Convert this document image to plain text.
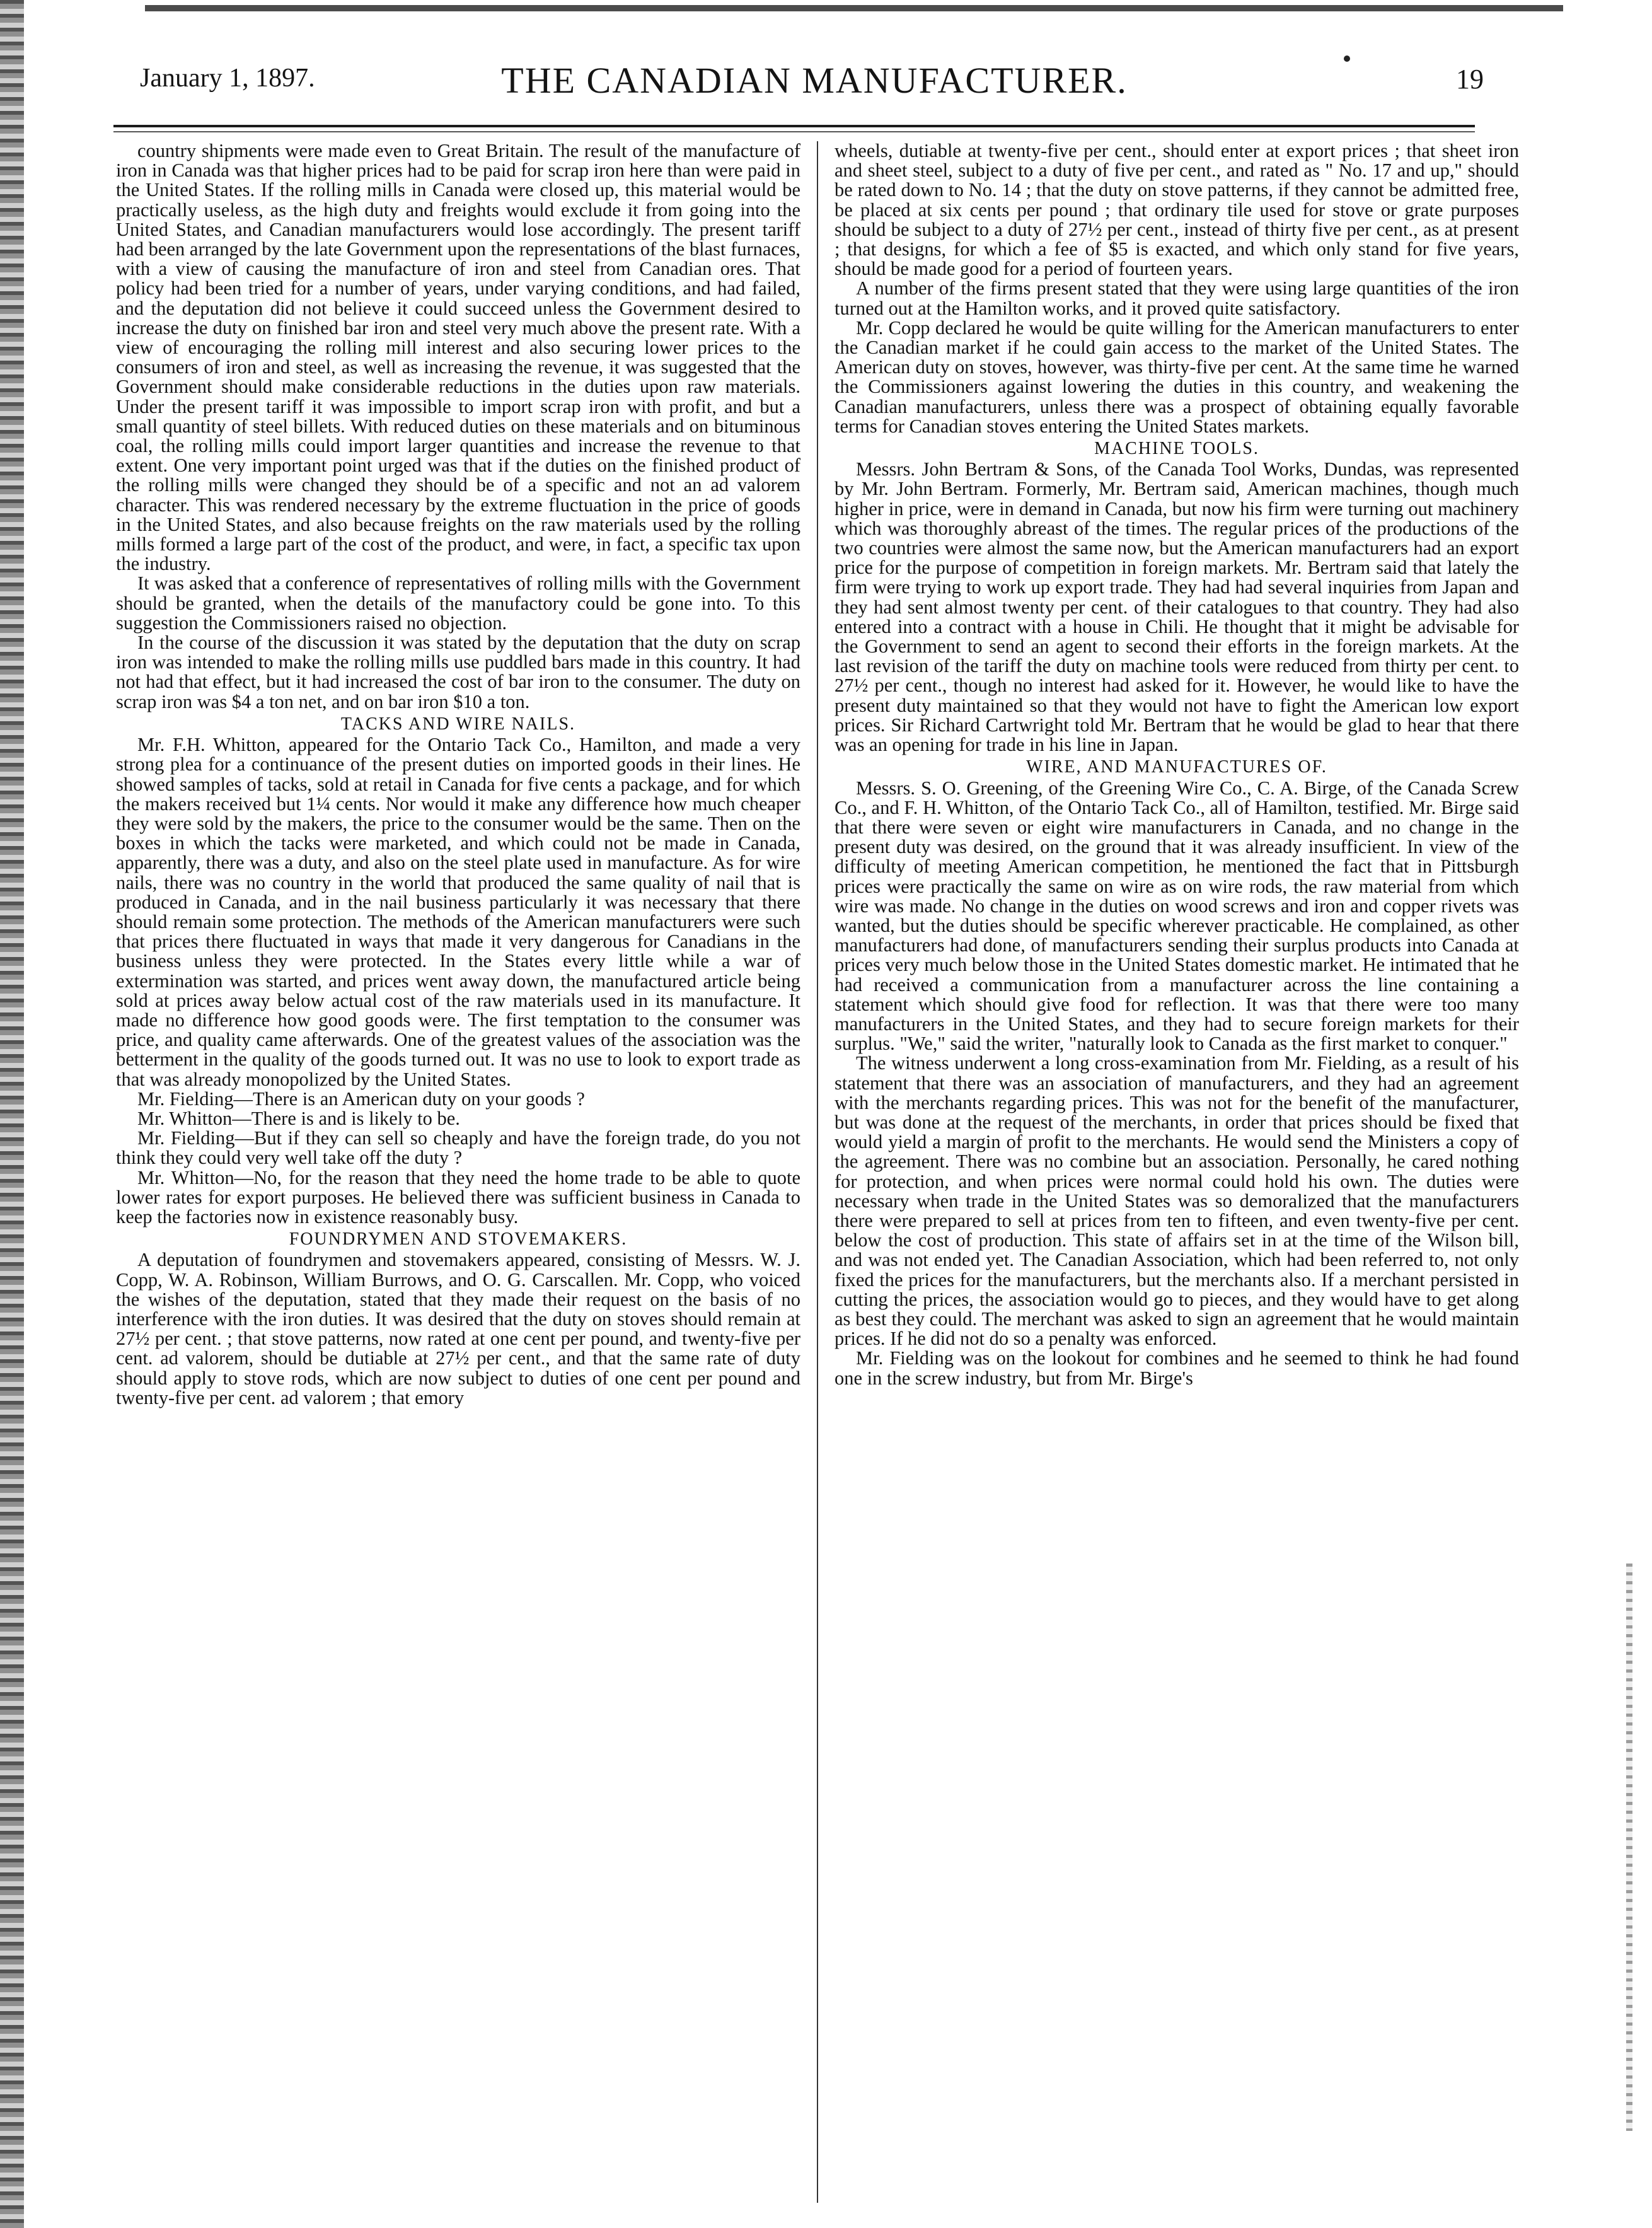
January 1, 1897.	THE CANADIAN MANUFACTURER.	19

country shipments were made even to Great Britain. The result of the manufacture of iron in Canada was that higher prices had to be paid for scrap iron here than were paid in the United States. If the rolling mills in Canada were closed up, this material would be practically useless, as the high duty and freights would exclude it from going into the United States, and Canadian manufacturers would lose accordingly. The present tariff had been arranged by the late Government upon the representations of the blast furnaces, with a view of causing the manufacture of iron and steel from Canadian ores. That policy had been tried for a number of years, under varying conditions, and had failed, and the deputation did not believe it could succeed unless the Government desired to increase the duty on finished bar iron and steel very much above the present rate. With a view of encouraging the rolling mill interest and also securing lower prices to the consumers of iron and steel, as well as increasing the revenue, it was suggested that the Government should make considerable reductions in the duties upon raw materials. Under the present tariff it was impossible to import scrap iron with profit, and but a small quantity of steel billets. With reduced duties on these materials and on bituminous coal, the rolling mills could import larger quantities and increase the revenue to that extent. One very important point urged was that if the duties on the finished product of the rolling mills were changed they should be of a specific and not an ad valorem character. This was rendered necessary by the extreme fluctuation in the price of goods in the United States, and also because freights on the raw materials used by the rolling mills formed a large part of the cost of the product, and were, in fact, a specific tax upon the industry.

It was asked that a conference of representatives of rolling mills with the Government should be granted, when the details of the manufactory could be gone into. To this suggestion the Commissioners raised no objection.

In the course of the discussion it was stated by the deputation that the duty on scrap iron was intended to make the rolling mills use puddled bars made in this country. It had not had that effect, but it had increased the cost of bar iron to the consumer. The duty on scrap iron was $4 a ton net, and on bar iron $10 a ton.

TACKS AND WIRE NAILS.

Mr. F.H. Whitton, appeared for the Ontario Tack Co., Hamilton, and made a very strong plea for a continuance of the present duties on imported goods in their lines. He showed samples of tacks, sold at retail in Canada for five cents a package, and for which the makers received but 1¼ cents. Nor would it make any difference how much cheaper they were sold by the makers, the price to the consumer would be the same. Then on the boxes in which the tacks were marketed, and which could not be made in Canada, apparently, there was a duty, and also on the steel plate used in manufacture. As for wire nails, there was no country in the world that produced the same quality of nail that is produced in Canada, and in the nail business particularly it was necessary that there should remain some protection. The methods of the American manufacturers were such that prices there fluctuated in ways that made it very dangerous for Canadians in the business unless they were protected. In the States every little while a war of extermination was started, and prices went away down, the manufactured article being sold at prices away below actual cost of the raw materials used in its manufacture. It made no difference how good goods were. The first temptation to the consumer was price, and quality came afterwards. One of the greatest values of the association was the betterment in the quality of the goods turned out. It was no use to look to export trade as that was already monopolized by the United States.

Mr. Fielding—There is an American duty on your goods ?

Mr. Whitton—There is and is likely to be.

Mr. Fielding—But if they can sell so cheaply and have the foreign trade, do you not think they could very well take off the duty ?

Mr. Whitton—No, for the reason that they need the home trade to be able to quote lower rates for export purposes. He believed there was sufficient business in Canada to keep the factories now in existence reasonably busy.

FOUNDRYMEN AND STOVEMAKERS.

A deputation of foundrymen and stovemakers appeared, consisting of Messrs. W. J. Copp, W. A. Robinson, William Burrows, and O. G. Carscallen. Mr. Copp, who voiced the wishes of the deputation, stated that they made their request on the basis of no interference with the iron duties. It was desired that the duty on stoves should remain at 27½ per cent. ; that stove patterns, now rated at one cent per pound, and twenty-five per cent. ad valorem, should be dutiable at 27½ per cent., and that the same rate of duty should apply to stove rods, which are now subject to duties of one cent per pound and twenty-five per cent. ad valorem ; that emory

wheels, dutiable at twenty-five per cent., should enter at export prices ; that sheet iron and sheet steel, subject to a duty of five per cent., and rated as " No. 17 and up," should be rated down to No. 14 ; that the duty on stove patterns, if they cannot be admitted free, be placed at six cents per pound ; that ordinary tile used for stove or grate purposes should be subject to a duty of 27½ per cent., instead of thirty five per cent., as at present ; that designs, for which a fee of $5 is exacted, and which only stand for five years, should be made good for a period of fourteen years.

A number of the firms present stated that they were using large quantities of the iron turned out at the Hamilton works, and it proved quite satisfactory.

Mr. Copp declared he would be quite willing for the American manufacturers to enter the Canadian market if he could gain access to the market of the United States. The American duty on stoves, however, was thirty-five per cent. At the same time he warned the Commissioners against lowering the duties in this country, and weakening the Canadian manufacturers, unless there was a prospect of obtaining equally favorable terms for Canadian stoves entering the United States markets.

MACHINE TOOLS.

Messrs. John Bertram & Sons, of the Canada Tool Works, Dundas, was represented by Mr. John Bertram. Formerly, Mr. Bertram said, American machines, though much higher in price, were in demand in Canada, but now his firm were turning out machinery which was thoroughly abreast of the times. The regular prices of the productions of the two countries were almost the same now, but the American manufacturers had an export price for the purpose of competition in foreign markets. Mr. Bertram said that lately the firm were trying to work up export trade. They had had several inquiries from Japan and they had sent almost twenty per cent. of their catalogues to that country. They had also entered into a contract with a house in Chili. He thought that it might be advisable for the Government to send an agent to second their efforts in the foreign markets. At the last revision of the tariff the duty on machine tools were reduced from thirty per cent. to 27½ per cent., though no interest had asked for it. However, he would like to have the present duty maintained so that they would not have to fight the American low export prices. Sir Richard Cartwright told Mr. Bertram that he would be glad to hear that there was an opening for trade in his line in Japan.

WIRE, AND MANUFACTURES OF.

Messrs. S. O. Greening, of the Greening Wire Co., C. A. Birge, of the Canada Screw Co., and F. H. Whitton, of the Ontario Tack Co., all of Hamilton, testified. Mr. Birge said that there were seven or eight wire manufacturers in Canada, and no change in the present duty was desired, on the ground that it was already insufficient. In view of the difficulty of meeting American competition, he mentioned the fact that in Pittsburgh prices were practically the same on wire as on wire rods, the raw material from which wire was made. No change in the duties on wood screws and iron and copper rivets was wanted, but the duties should be specific wherever practicable. He complained, as other manufacturers had done, of manufacturers sending their surplus products into Canada at prices very much below those in the United States domestic market. He intimated that he had received a communication from a manufacturer across the line containing a statement which should give food for reflection. It was that there were too many manufacturers in the United States, and they had to secure foreign markets for their surplus. "We," said the writer, "naturally look to Canada as the first market to conquer."

The witness underwent a long cross-examination from Mr. Fielding, as a result of his statement that there was an association of manufacturers, and they had an agreement with the merchants regarding prices. This was not for the benefit of the manufacturer, but was done at the request of the merchants, in order that prices should be fixed that would yield a margin of profit to the merchants. He would send the Ministers a copy of the agreement. There was no combine but an association. Personally, he cared nothing for protection, and when prices were normal could hold his own. The duties were necessary when trade in the United States was so demoralized that the manufacturers there were prepared to sell at prices from ten to fifteen, and even twenty-five per cent. below the cost of production. This state of affairs set in at the time of the Wilson bill, and was not ended yet. The Canadian Association, which had been referred to, not only fixed the prices for the manufacturers, but the merchants also. If a merchant persisted in cutting the prices, the association would go to pieces, and they would have to get along as best they could. The merchant was asked to sign an agreement that he would maintain prices. If he did not do so a penalty was enforced.

Mr. Fielding was on the lookout for combines and he seemed to think he had found one in the screw industry, but from Mr. Birge's
